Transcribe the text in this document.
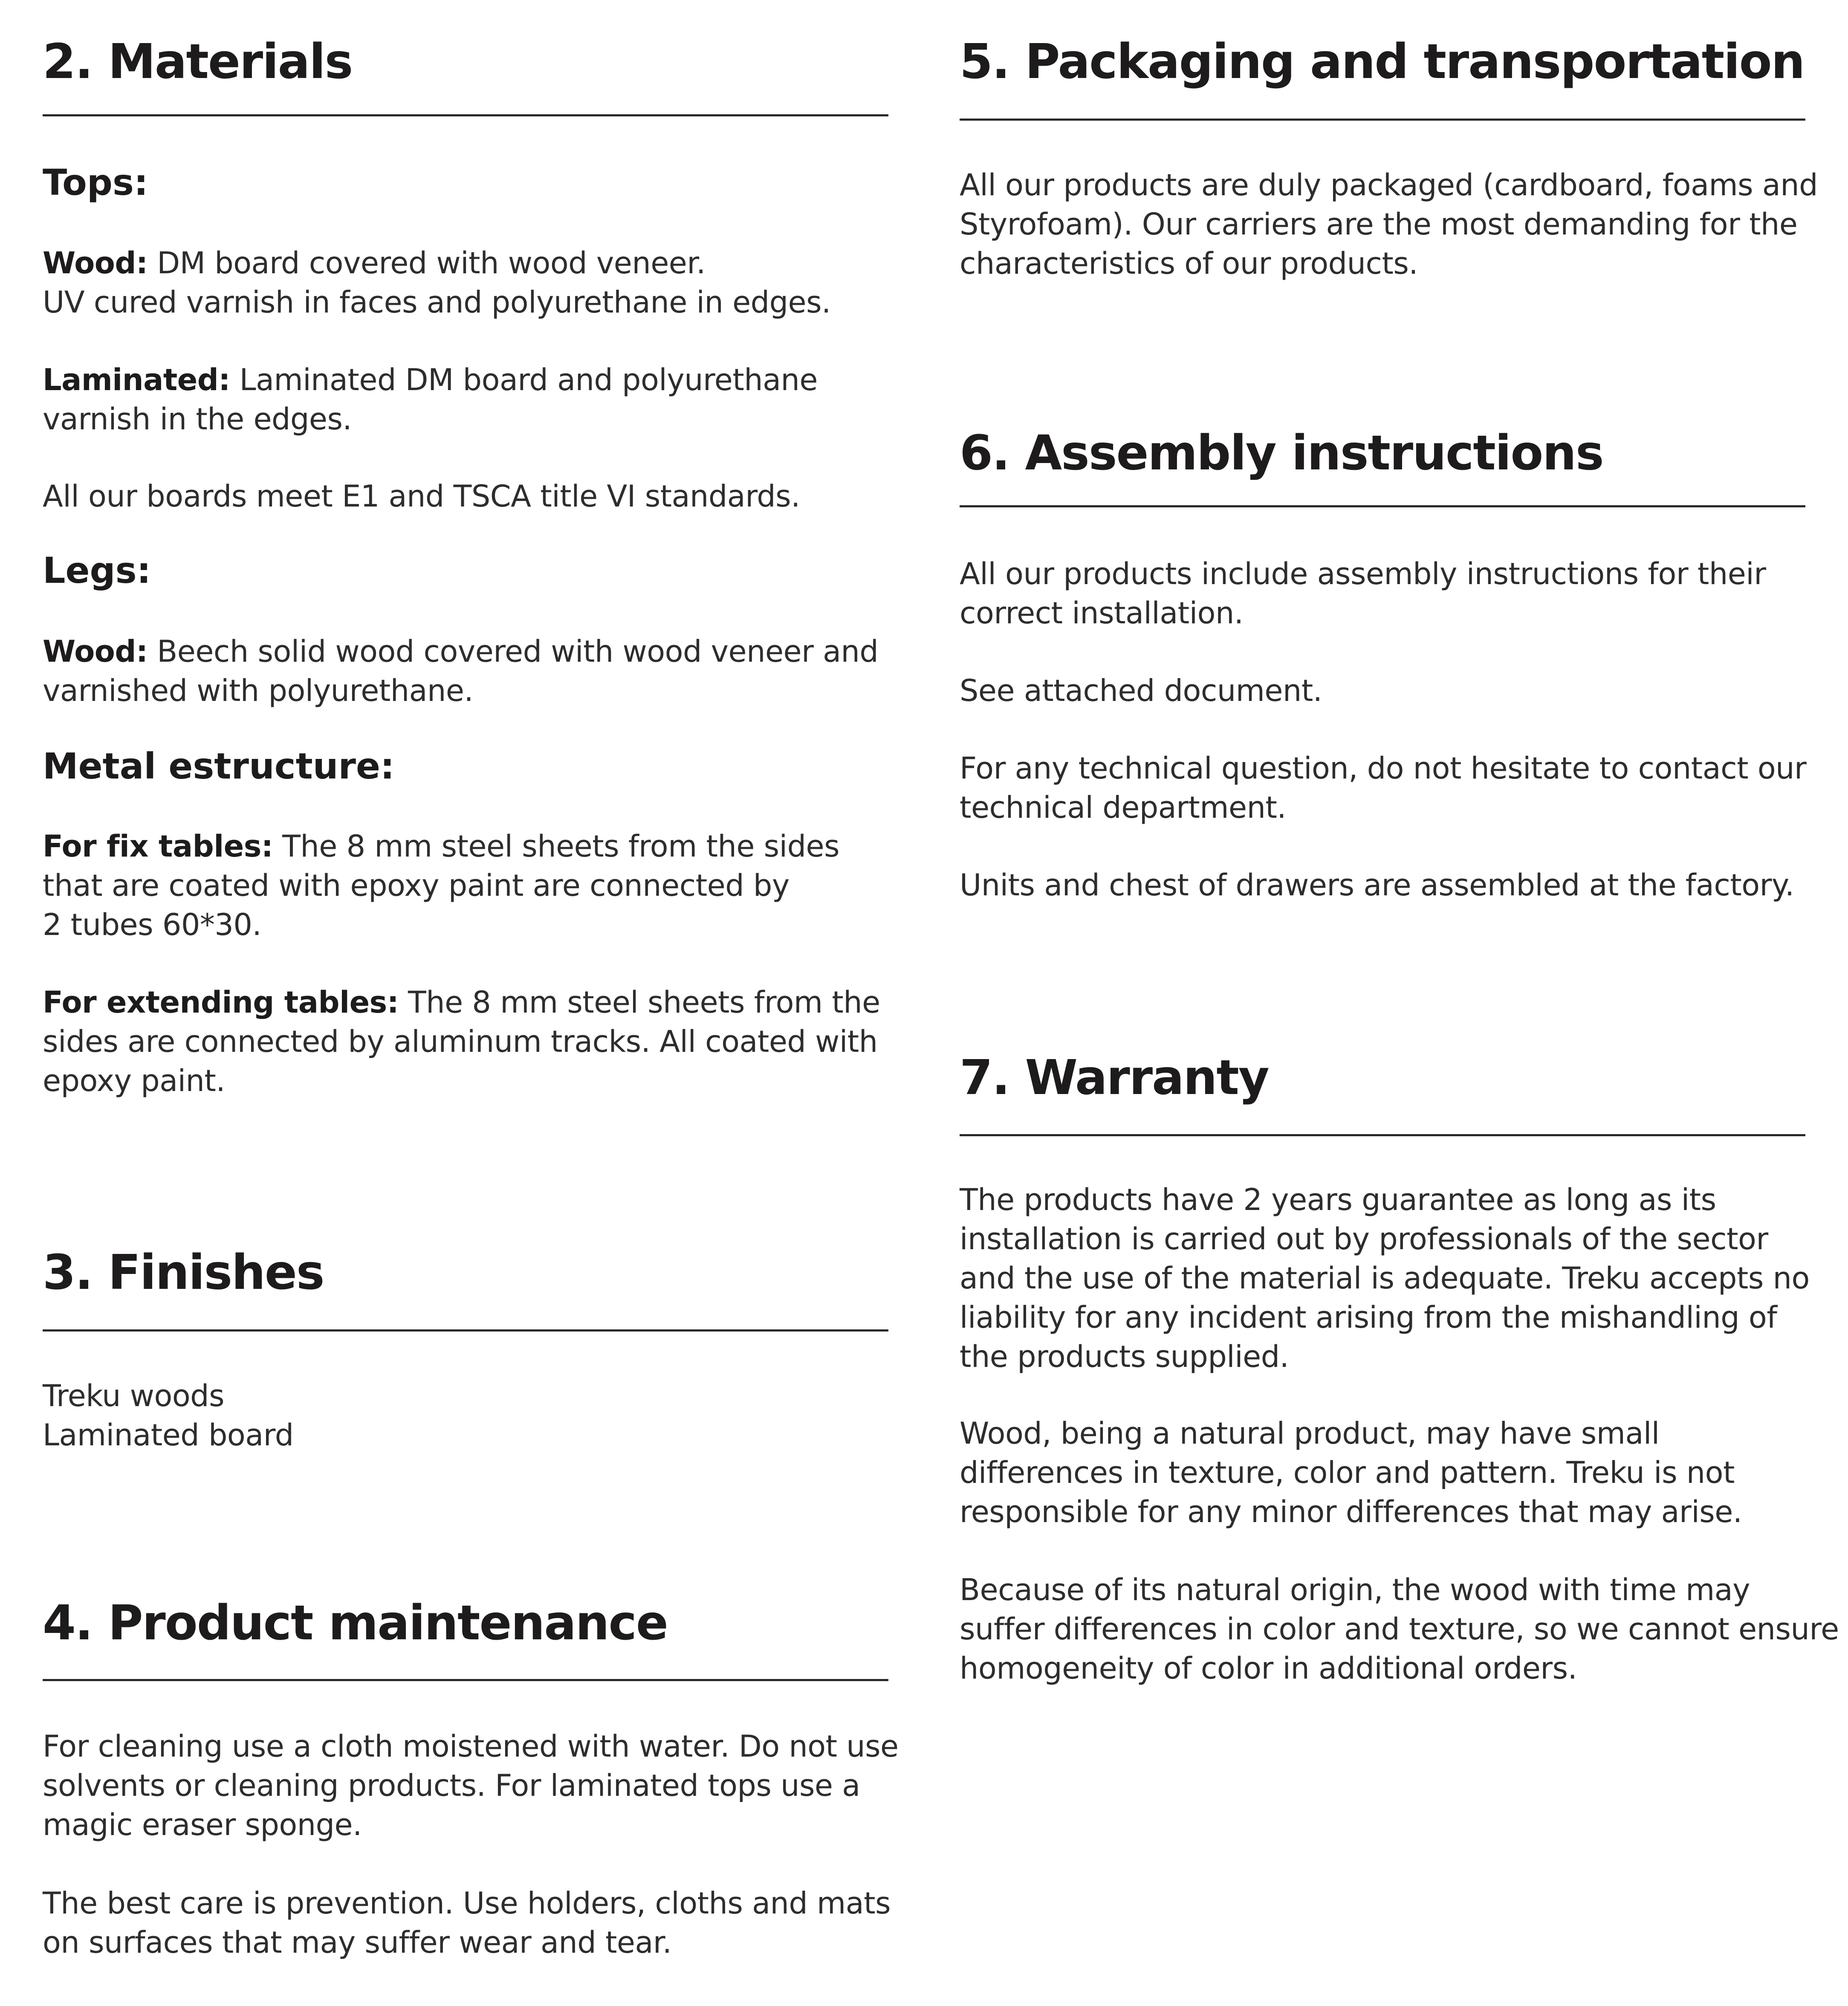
2. Materials
Tops:
Wood: DM board covered with wood veneer.
UV cured varnish in faces and polyurethane in edges.
Laminated: Laminated DM board and polyurethane
varnish in the edges.
All our boards meet E1 and TSCA title VI standards.
Legs:
Wood: Beech solid wood covered with wood veneer and
varnished with polyurethane.
Metal estructure:
For fix tables: The 8 mm steel sheets from the sides
that are coated with epoxy paint are connected by
2 tubes 60*30.
For extending tables: The 8 mm steel sheets from the
sides are connected by aluminum tracks. All coated with
epoxy paint.
3. Finishes
Treku woods
Laminated board
4. Product maintenance
For cleaning use a cloth moistened with water. Do not use
solvents or cleaning products. For laminated tops use a
magic eraser sponge.
The best care is prevention. Use holders, cloths and mats
on surfaces that may suffer wear and tear.
5. Packaging and transportation
All our products are duly packaged (cardboard, foams and
Styrofoam). Our carriers are the most demanding for the
characteristics of our products.
6. Assembly instructions
All our products include assembly instructions for their
correct installation.
See attached document.
For any technical question, do not hesitate to contact our
technical department.
Units and chest of drawers are assembled at the factory.
7. Warranty
The products have 2 years guarantee as long as its
installation is carried out by professionals of the sector
and the use of the material is adequate. Treku accepts no
liability for any incident arising from the mishandling of
the products supplied.
Wood, being a natural product, may have small
differences in texture, color and pattern. Treku is not
responsible for any minor differences that may arise.
Because of its natural origin, the wood with time may
suffer differences in color and texture, so we cannot ensure
homogeneity of color in additional orders.
